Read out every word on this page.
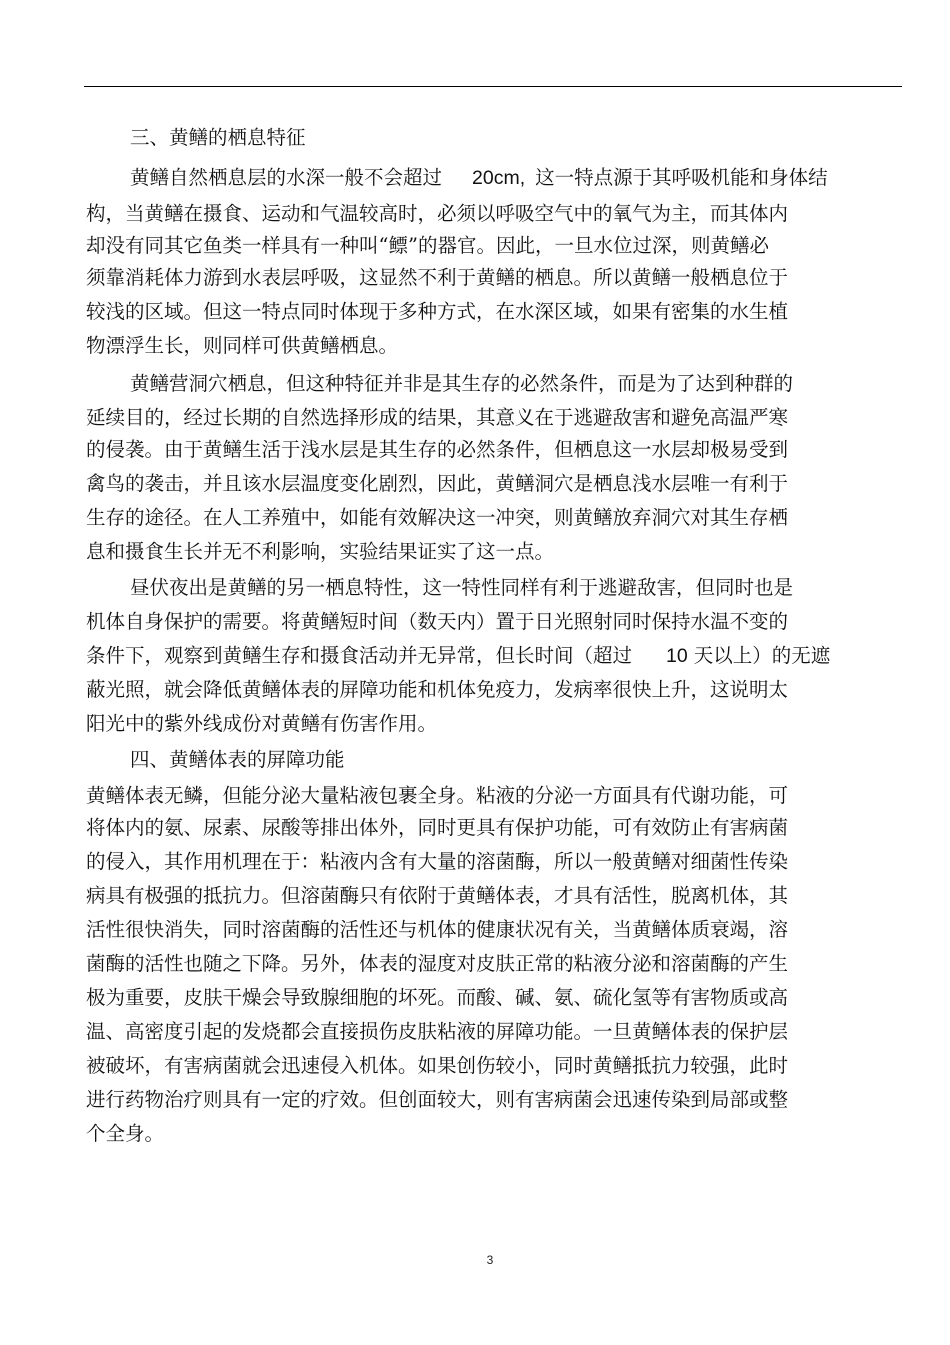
三、黄鳝的栖息特征

黄鳝自然栖息层的水深一般不会超过 20cm, 这一特点源于其呼吸机能和身体结

构，当黄鳝在摄食、运动和气温较高时，必须以呼吸空气中的氧气为主，而其体内

却没有同其它鱼类一样具有一种叫“鳔”的器官。因此，一旦水位过深，则黄鳝必

须靠消耗体力游到水表层呼吸，这显然不利于黄鳝的栖息。所以黄鳝一般栖息位于

较浅的区域。但这一特点同时体现于多种方式，在水深区域，如果有密集的水生植

物漂浮生长，则同样可供黄鳝栖息。

黄鳝营洞穴栖息，但这种特征并非是其生存的必然条件，而是为了达到种群的

延续目的，经过长期的自然选择形成的结果，其意义在于逃避敌害和避免高温严寒

的侵袭。由于黄鳝生活于浅水层是其生存的必然条件，但栖息这一水层却极易受到

禽鸟的袭击，并且该水层温度变化剧烈，因此，黄鳝洞穴是栖息浅水层唯一有利于

生存的途径。在人工养殖中，如能有效解决这一冲突，则黄鳝放弃洞穴对其生存栖

息和摄食生长并无不利影响，实验结果证实了这一点。

昼伏夜出是黄鳝的另一栖息特性，这一特性同样有利于逃避敌害，但同时也是

机体自身保护的需要。将黄鳝短时间（数天内）置于日光照射同时保持水温不变的

条件下，观察到黄鳝生存和摄食活动并无异常，但长时间（超过 10 天以上）的无遮

蔽光照，就会降低黄鳝体表的屏障功能和机体免疫力，发病率很快上升，这说明太

阳光中的紫外线成份对黄鳝有伤害作用。

四、黄鳝体表的屏障功能

黄鳝体表无鳞，但能分泌大量粘液包裹全身。粘液的分泌一方面具有代谢功能，可

将体内的氨、尿素、尿酸等排出体外，同时更具有保护功能，可有效防止有害病菌

的侵入，其作用机理在于：粘液内含有大量的溶菌酶，所以一般黄鳝对细菌性传染

病具有极强的抵抗力。但溶菌酶只有依附于黄鳝体表，才具有活性，脱离机体，其

活性很快消失，同时溶菌酶的活性还与机体的健康状况有关，当黄鳝体质衰竭，溶

菌酶的活性也随之下降。另外，体表的湿度对皮肤正常的粘液分泌和溶菌酶的产生

极为重要，皮肤干燥会导致腺细胞的坏死。而酸、碱、氨、硫化氢等有害物质或高

温、高密度引起的发烧都会直接损伤皮肤粘液的屏障功能。一旦黄鳝体表的保护层

被破坏，有害病菌就会迅速侵入机体。如果创伤较小，同时黄鳝抵抗力较强，此时

进行药物治疗则具有一定的疗效。但创面较大，则有害病菌会迅速传染到局部或整

个全身。

3
